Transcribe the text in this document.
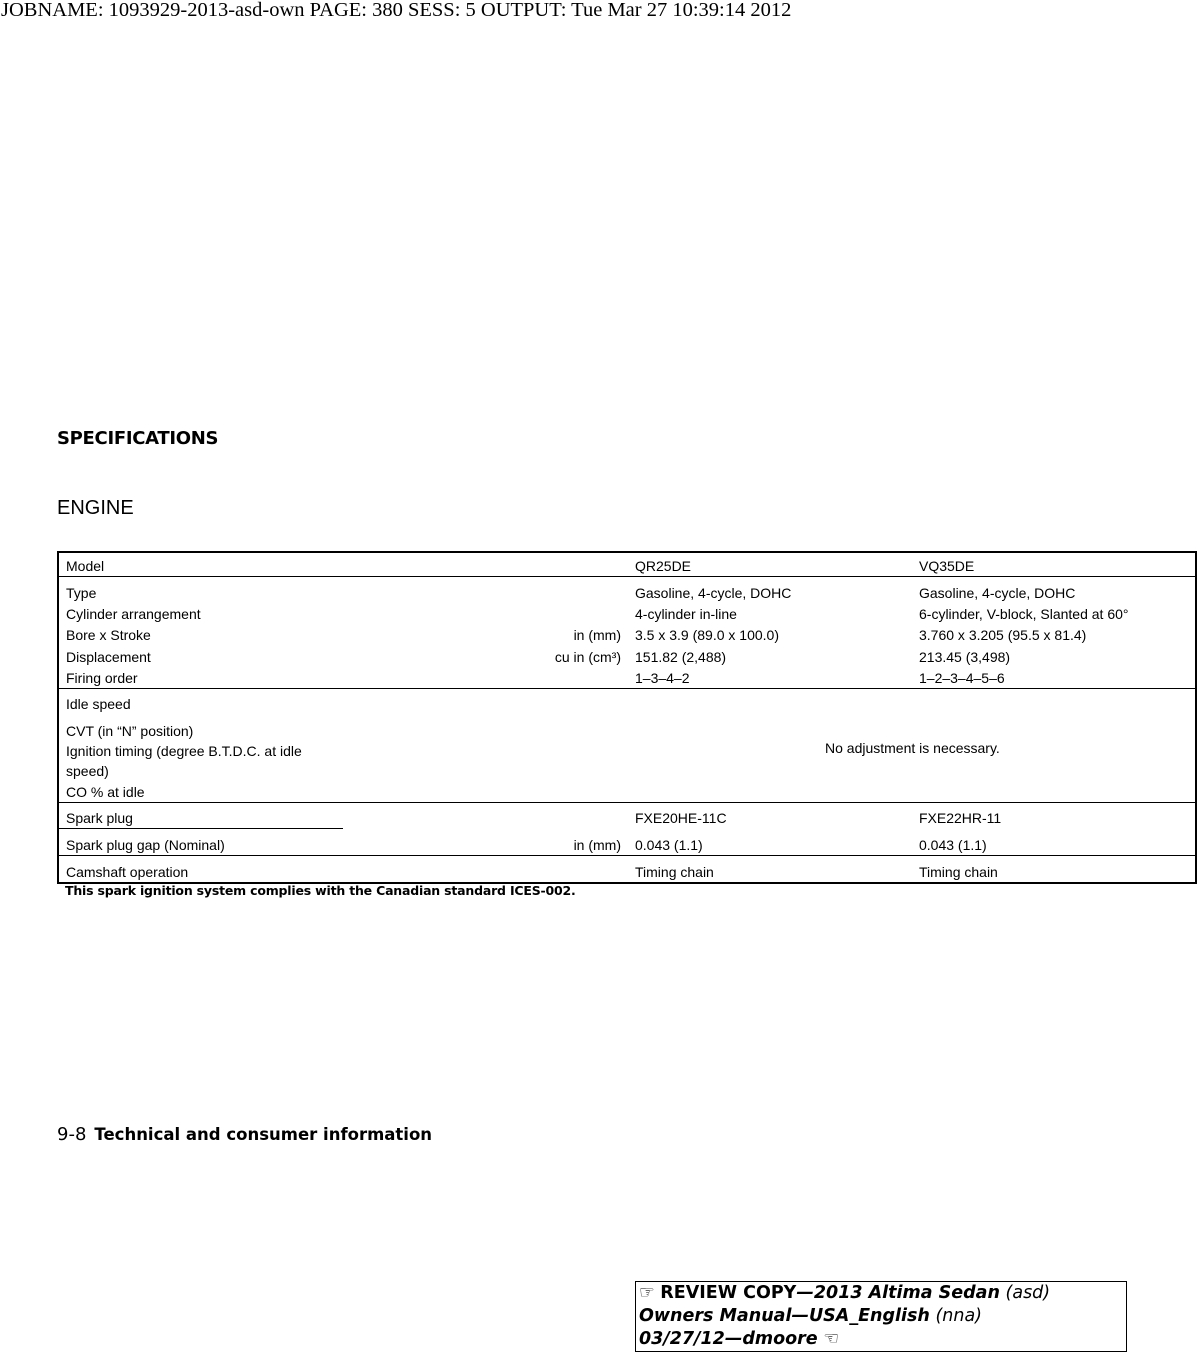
JOBNAME: 1093929-2013-asd-own PAGE: 380 SESS: 5 OUTPUT: Tue Mar 27 10:39:14 2012
SPECIFICATIONS
ENGINE
Model	QR25DE	VQ35DE
Type	Gasoline, 4-cycle, DOHC	Gasoline, 4-cycle, DOHC
Cylinder arrangement	4-cylinder in-line	6-cylinder, V-block, Slanted at 60°
Bore x Stroke	in (mm) 3.5 x 3.9 (89.0 x 100.0)	3.760 x 3.205 (95.5 x 81.4)
Displacement	cu in (cm³) 151.82 (2,488)	213.45 (3,498)
Firing order	1–3–4–2	1–2–3–4–5–6
Idle speed
CVT (in “N” position)
Ignition timing (degree B.T.D.C. at idle
speed)
CO % at idle
No adjustment is necessary.
Spark plug	FXE20HE-11C	FXE22HR-11
Spark plug gap (Nominal)	in (mm) 0.043 (1.1)	0.043 (1.1)
Camshaft operation	Timing chain	Timing chain
This spark ignition system complies with the Canadian standard ICES-002.
9-8 Technical and consumer information
☞ REVIEW COPY—2013 Altima Sedan (asd)
Owners Manual—USA_English (nna)
03/27/12—dmoore ☜
